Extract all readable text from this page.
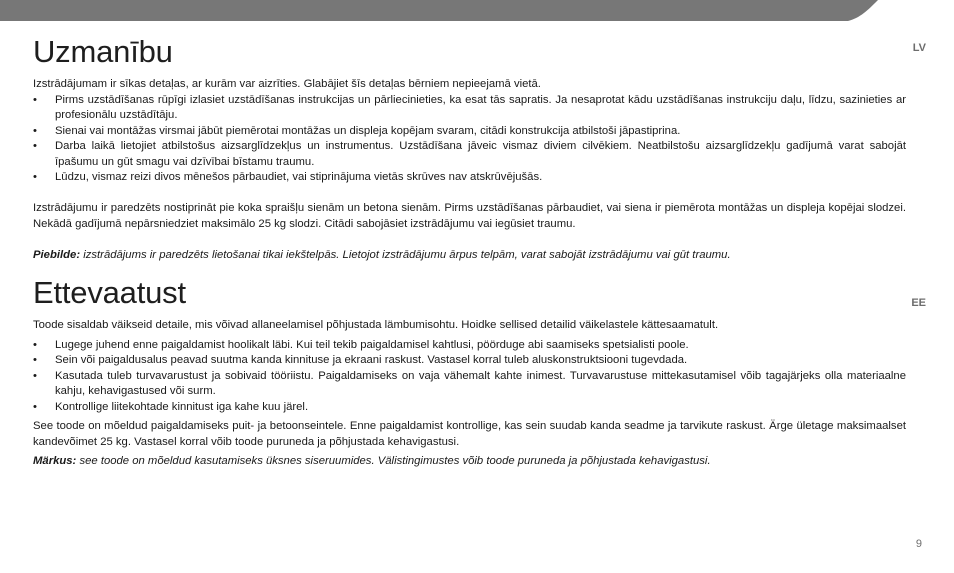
LV
EE
Uzmanību

Izstrādājumam ir sīkas detaļas, ar kurām var aizrīties. Glabājiet šīs detaļas bērniem nepieejamā vietā.

• Pirms uzstādīšanas rūpīgi izlasiet uzstādīšanas instrukcijas un pārliecinieties, ka esat tās sapratis. Ja nesaprotat kādu uzstādīšanas instrukciju daļu, līdzu, sazinieties ar profesionālu uzstādītāju.
• Sienai vai montāžas virsmai jābūt piemērotai montāžas un displeja kopējam svaram, citādi konstrukcija atbilstoši jāpastiprina.
• Darba laikā lietojiet atbilstošus aizsarglīdzekļus un instrumentus. Uzstādīšana jāveic vismaz diviem cilvēkiem. Neatbilstošu aizsarglīdzekļu gadījumā varat sabojāt īpašumu un gūt smagu vai dzīvībai bīstamu traumu.
• Lūdzu, vismaz reizi divos mēnešos pārbaudiet, vai stiprinājuma vietās skrūves nav atskrūvējušās.

Izstrādājumu ir paredzēts nostiprināt pie koka spraišļu sienām un betona sienām. Pirms uzstādīšanas pārbaudiet, vai siena ir piemērota montāžas un displeja kopējai slodzei. Nekādā gadījumā nepārsniedziet maksimālo 25 kg slodzi. Citādi sabojāsiet izstrādājumu vai iegūsiet traumu.

Piebilde: izstrādājums ir paredzēts lietošanai tikai iekštelpās. Lietojot izstrādājumu ārpus telpām, varat sabojāt izstrādājumu vai gūt traumu.

Ettevaatust

Toode sisaldab väikseid detaile, mis võivad allaneelamisel põhjustada lämbumisohtu. Hoidke sellised detailid väikelastele kättesaamatult.

• Lugege juhend enne paigaldamist hoolikalt läbi. Kui teil tekib paigaldamisel kahtlusi, pöörduge abi saamiseks spetsialisti poole.
• Sein või paigaldusalus peavad suutma kanda kinnituse ja ekraani raskust. Vastasel korral tuleb aluskonstruktsiooni tugevdada.
• Kasutada tuleb turvavarustust ja sobivaid tööriistu. Paigaldamiseks on vaja vähemalt kahte inimest. Turvavarustuse mittekasutamisel võib tagajärjeks olla materiaalne kahju, kehavigastused või surm.
• Kontrollige liitekohtade kinnitust iga kahe kuu järel.

See toode on mõeldud paigaldamiseks puit- ja betoonseintele. Enne paigaldamist kontrollige, kas sein suudab kanda seadme ja tarvikute raskust. Ärge ületage maksimaalset kandevõimet 25 kg. Vastasel korral võib toode puruneda ja põhjustada kehavigastusi.

Märkus: see toode on mõeldud kasutamiseks üksnes siseruumides. Välistingimustes võib toode puruneda ja põhjustada kehavigastusi.

9
